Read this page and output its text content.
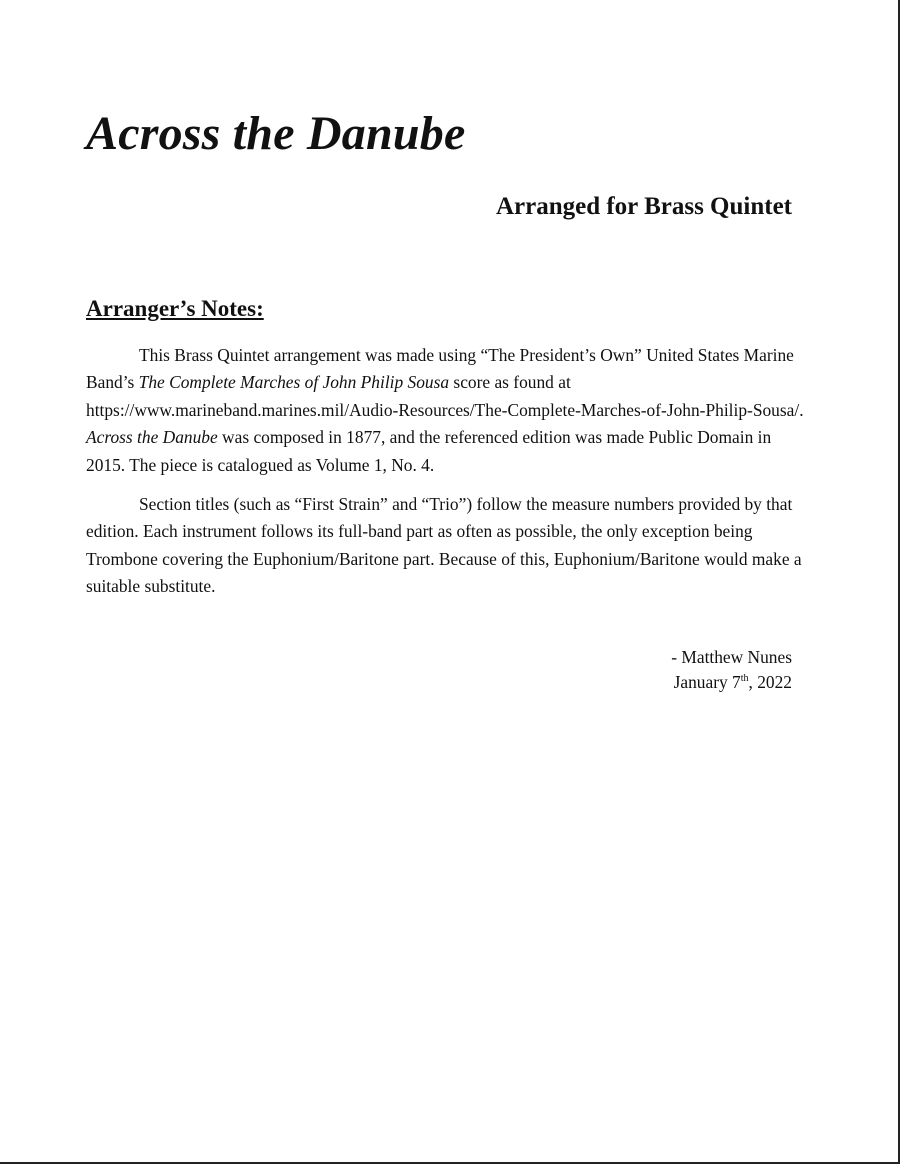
Across the Danube
Arranged for Brass Quintet
Arranger’s Notes:

This Brass Quintet arrangement was made using “The President’s Own” United States Marine Band’s The Complete Marches of John Philip Sousa score as found at https://www.marineband.marines.mil/Audio-Resources/The-Complete-Marches-of-John-Philip-Sousa/. Across the Danube was composed in 1877, and the referenced edition was made Public Domain in 2015. The piece is catalogued as Volume 1, No. 4.

Section titles (such as “First Strain” and “Trio”) follow the measure numbers provided by that edition. Each instrument follows its full-band part as often as possible, the only exception being Trombone covering the Euphonium/Baritone part. Because of this, Euphonium/Baritone would make a suitable substitute.

- Matthew Nunes
January 7th, 2022
